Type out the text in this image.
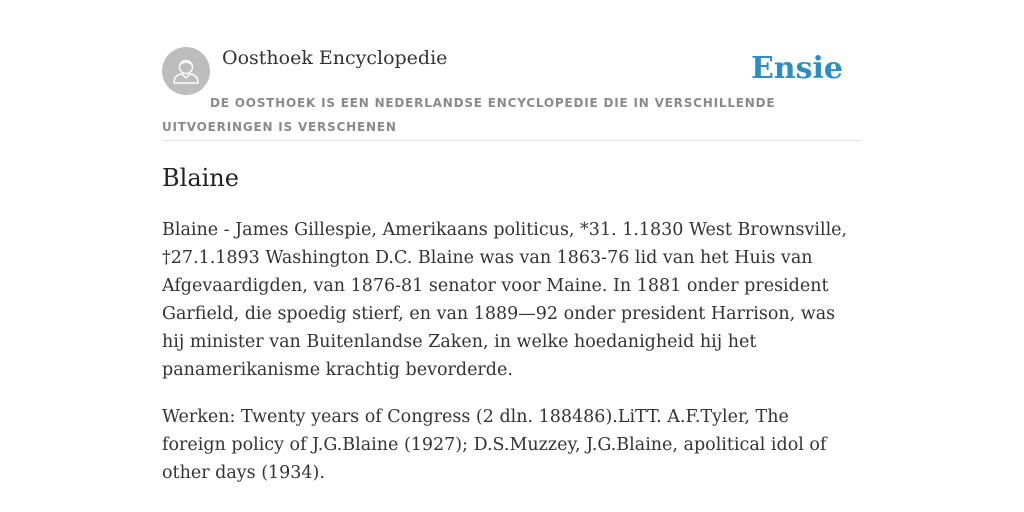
Oosthoek Encyclopedie	Ensie
DE OOSTHOEK IS EEN NEDERLANDSE ENCYCLOPEDIE DIE IN VERSCHILLENDE UITVOERINGEN IS VERSCHENEN
Blaine

Blaine - James Gillespie, Amerikaans politicus, *31. 1.1830 West Brownsville, †27.1.1893 Washington D.C. Blaine was van 1863-76 lid van het Huis van Afgevaardigden, van 1876-81 senator voor Maine. In 1881 onder president Garfield, die spoedig stierf, en van 1889—92 onder president Harrison, was hij minister van Buitenlandse Zaken, in welke hoedanigheid hij het panamerikanisme krachtig bevorderde.

Werken: Twenty years of Congress (2 dln. 188486).LiTT. A.F.Tyler, The foreign policy of J.G.Blaine (1927); D.S.Muzzey, J.G.Blaine, apolitical idol of other days (1934).
